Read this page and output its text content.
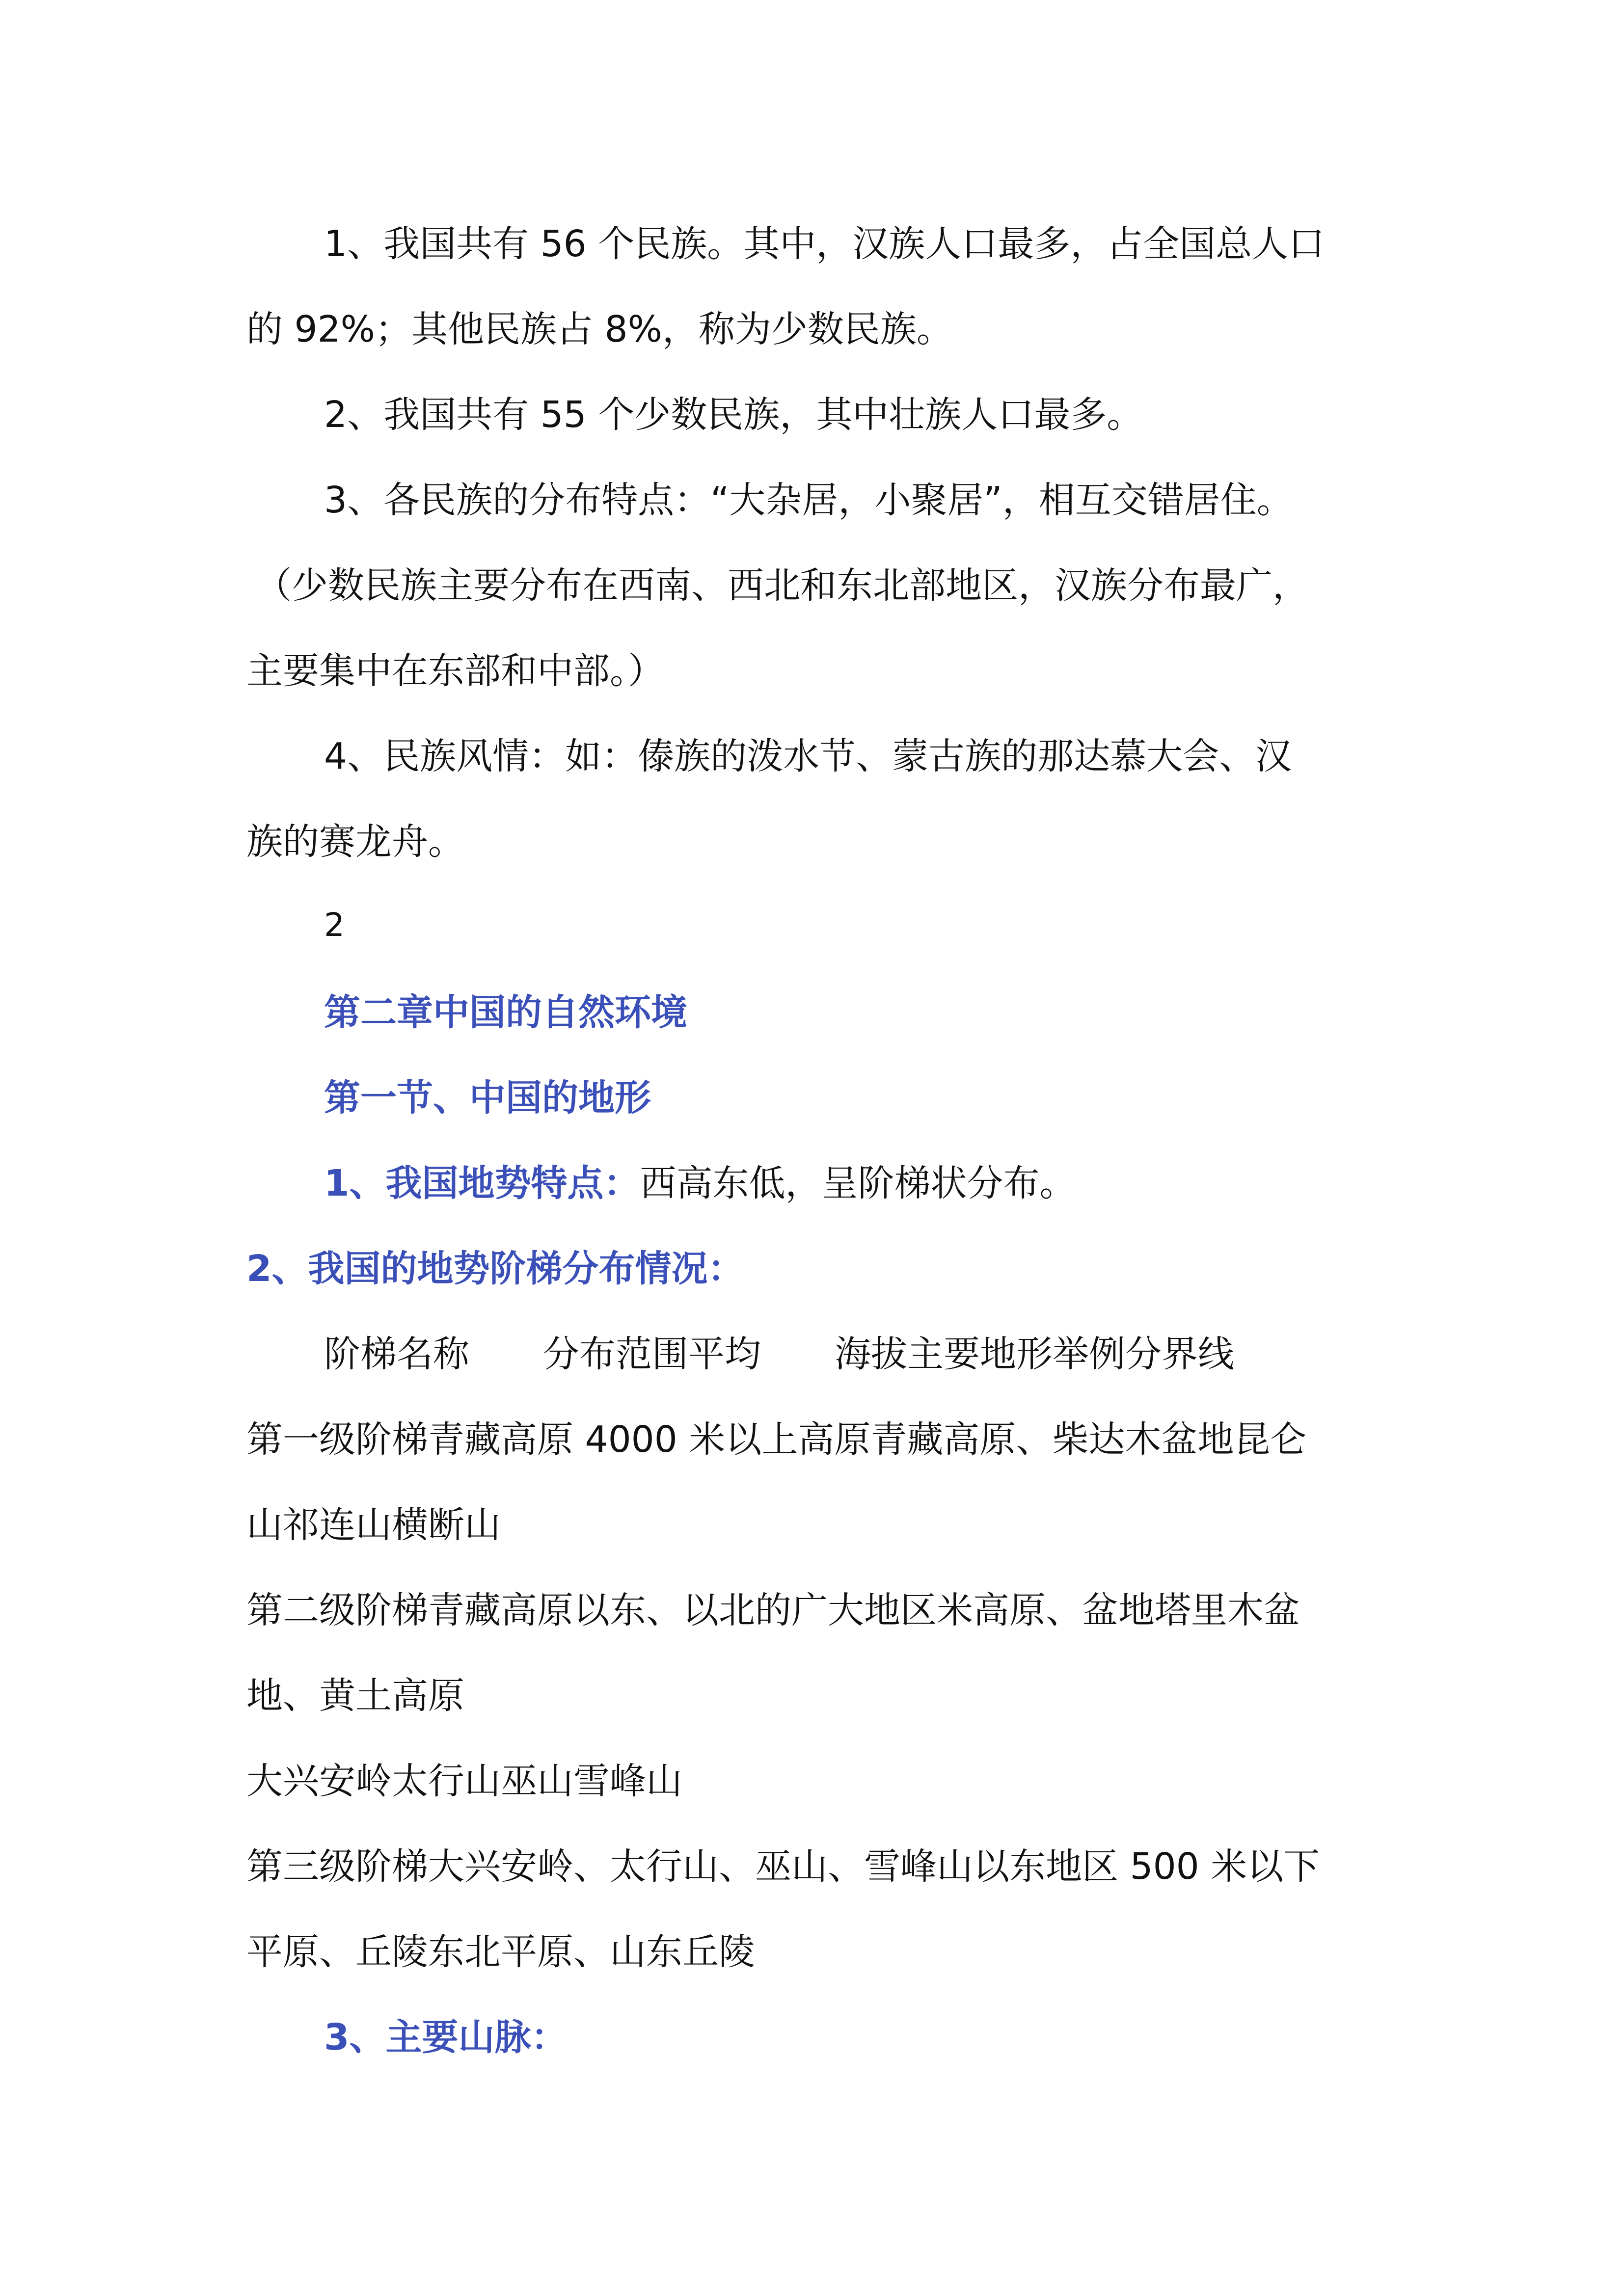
1、我国共有 56 个民族。其中，汉族人口最多，占全国总人口
的 92%；其他民族占 8%，称为少数民族。
2、我国共有 55 个少数民族，其中壮族人口最多。
3、各民族的分布特点：“大杂居，小聚居”，相互交错居住。
（少数民族主要分布在西南、西北和东北部地区，汉族分布最广，
主要集中在东部和中部。）
4、民族风情：如：傣族的泼水节、蒙古族的那达慕大会、汉
族的赛龙舟。
2
第二章中国的自然环境
第一节、中国的地形
1、我国地势特点：西高东低，呈阶梯状分布。
2、我国的地势阶梯分布情况：
阶梯名称 分布范围平均 海拔主要地形举例分界线
第一级阶梯青藏高原 4000 米以上高原青藏高原、柴达木盆地昆仑
山祁连山横断山
第二级阶梯青藏高原以东、以北的广大地区米高原、盆地塔里木盆
地、黄土高原
大兴安岭太行山巫山雪峰山
第三级阶梯大兴安岭、太行山、巫山、雪峰山以东地区 500 米以下
平原、丘陵东北平原、山东丘陵
3、主要山脉：
